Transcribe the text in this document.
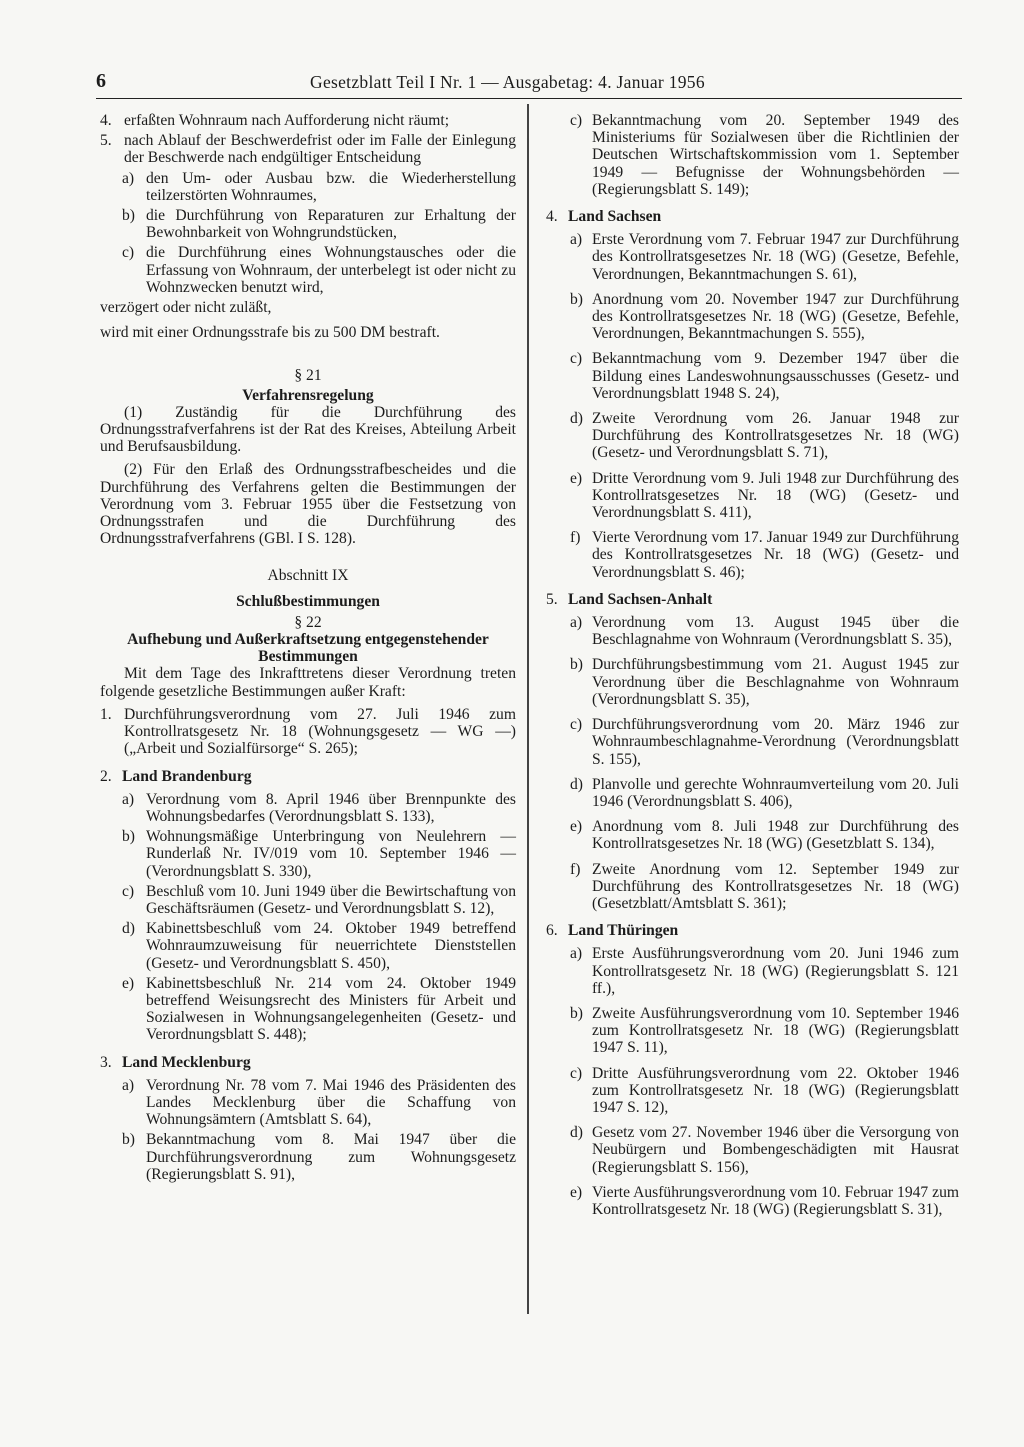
6	Gesetzblatt Teil I Nr. 1 — Ausgabetag: 4. Januar 1956
4. erfaßten Wohnraum nach Aufforderung nicht räumt;
5. nach Ablauf der Beschwerdefrist oder im Falle der Einlegung der Beschwerde nach endgültiger Entscheidung
a) den Um- oder Ausbau bzw. die Wiederherstellung teilzerstörten Wohnraumes,
b) die Durchführung von Reparaturen zur Erhaltung der Bewohnbarkeit von Wohngrundstücken,
c) die Durchführung eines Wohnungstausches oder die Erfassung von Wohnraum, der unterbelegt ist oder nicht zu Wohnzwecken benutzt wird,
verzögert oder nicht zuläßt,
wird mit einer Ordnungsstrafe bis zu 500 DM bestraft.
§ 21
Verfahrensregelung
(1) Zuständig für die Durchführung des Ordnungsstrafverfahrens ist der Rat des Kreises, Abteilung Arbeit und Berufsausbildung.
(2) Für den Erlaß des Ordnungsstrafbescheides und die Durchführung des Verfahrens gelten die Bestimmungen der Verordnung vom 3. Februar 1955 über die Festsetzung von Ordnungsstrafen und die Durchführung des Ordnungsstrafverfahrens (GBl. I S. 128).
Abschnitt IX
Schlußbestimmungen
§ 22
Aufhebung und Außerkraftsetzung entgegenstehender Bestimmungen
Mit dem Tage des Inkrafttretens dieser Verordnung treten folgende gesetzliche Bestimmungen außer Kraft:
1. Durchführungsverordnung vom 27. Juli 1946 zum Kontrollratsgesetz Nr. 18 (Wohnungsgesetz — WG —) („Arbeit und Sozialfürsorge“ S. 265);
2. Land Brandenburg
a) Verordnung vom 8. April 1946 über Brennpunkte des Wohnungsbedarfes (Verordnungsblatt S. 133),
b) Wohnungsmäßige Unterbringung von Neulehrern — Runderlaß Nr. IV/019 vom 10. September 1946 — (Verordnungsblatt S. 330),
c) Beschluß vom 10. Juni 1949 über die Bewirtschaftung von Geschäftsräumen (Gesetz- und Verordnungsblatt S. 12),
d) Kabinettsbeschluß vom 24. Oktober 1949 betreffend Wohnraumzuweisung für neuerrichtete Dienststellen (Gesetz- und Verordnungsblatt S. 450),
e) Kabinettsbeschluß Nr. 214 vom 24. Oktober 1949 betreffend Weisungsrecht des Ministers für Arbeit und Sozialwesen in Wohnungsangelegenheiten (Gesetz- und Verordnungsblatt S. 448);
3. Land Mecklenburg
a) Verordnung Nr. 78 vom 7. Mai 1946 des Präsidenten des Landes Mecklenburg über die Schaffung von Wohnungsämtern (Amtsblatt S. 64),
b) Bekanntmachung vom 8. Mai 1947 über die Durchführungsverordnung zum Wohnungsgesetz (Regierungsblatt S. 91),
c) Bekanntmachung vom 20. September 1949 des Ministeriums für Sozialwesen über die Richtlinien der Deutschen Wirtschaftskommission vom 1. September 1949 — Befugnisse der Wohnungsbehörden — (Regierungsblatt S. 149);
4. Land Sachsen
a) Erste Verordnung vom 7. Februar 1947 zur Durchführung des Kontrollratsgesetzes Nr. 18 (WG) (Gesetze, Befehle, Verordnungen, Bekanntmachungen S. 61),
b) Anordnung vom 20. November 1947 zur Durchführung des Kontrollratsgesetzes Nr. 18 (WG) (Gesetze, Befehle, Verordnungen, Bekanntmachungen S. 555),
c) Bekanntmachung vom 9. Dezember 1947 über die Bildung eines Landeswohnungsausschusses (Gesetz- und Verordnungsblatt 1948 S. 24),
d) Zweite Verordnung vom 26. Januar 1948 zur Durchführung des Kontrollratsgesetzes Nr. 18 (WG) (Gesetz- und Verordnungsblatt S. 71),
e) Dritte Verordnung vom 9. Juli 1948 zur Durchführung des Kontrollratsgesetzes Nr. 18 (WG) (Gesetz- und Verordnungsblatt S. 411),
f) Vierte Verordnung vom 17. Januar 1949 zur Durchführung des Kontrollratsgesetzes Nr. 18 (WG) (Gesetz- und Verordnungsblatt S. 46);
5. Land Sachsen-Anhalt
a) Verordnung vom 13. August 1945 über die Beschlagnahme von Wohnraum (Verordnungsblatt S. 35),
b) Durchführungsbestimmung vom 21. August 1945 zur Verordnung über die Beschlagnahme von Wohnraum (Verordnungsblatt S. 35),
c) Durchführungsverordnung vom 20. März 1946 zur Wohnraumbeschlagnahme-Verordnung (Verordnungsblatt S. 155),
d) Planvolle und gerechte Wohnraumverteilung vom 20. Juli 1946 (Verordnungsblatt S. 406),
e) Anordnung vom 8. Juli 1948 zur Durchführung des Kontrollratsgesetzes Nr. 18 (WG) (Gesetzblatt S. 134),
f) Zweite Anordnung vom 12. September 1949 zur Durchführung des Kontrollratsgesetzes Nr. 18 (WG) (Gesetzblatt/Amtsblatt S. 361);
6. Land Thüringen
a) Erste Ausführungsverordnung vom 20. Juni 1946 zum Kontrollratsgesetz Nr. 18 (WG) (Regierungsblatt S. 121 ff.),
b) Zweite Ausführungsverordnung vom 10. September 1946 zum Kontrollratsgesetz Nr. 18 (WG) (Regierungsblatt 1947 S. 11),
c) Dritte Ausführungsverordnung vom 22. Oktober 1946 zum Kontrollratsgesetz Nr. 18 (WG) (Regierungsblatt 1947 S. 12),
d) Gesetz vom 27. November 1946 über die Versorgung von Neubürgern und Bombengeschädigten mit Hausrat (Regierungsblatt S. 156),
e) Vierte Ausführungsverordnung vom 10. Februar 1947 zum Kontrollratsgesetz Nr. 18 (WG) (Regierungsblatt S. 31),
